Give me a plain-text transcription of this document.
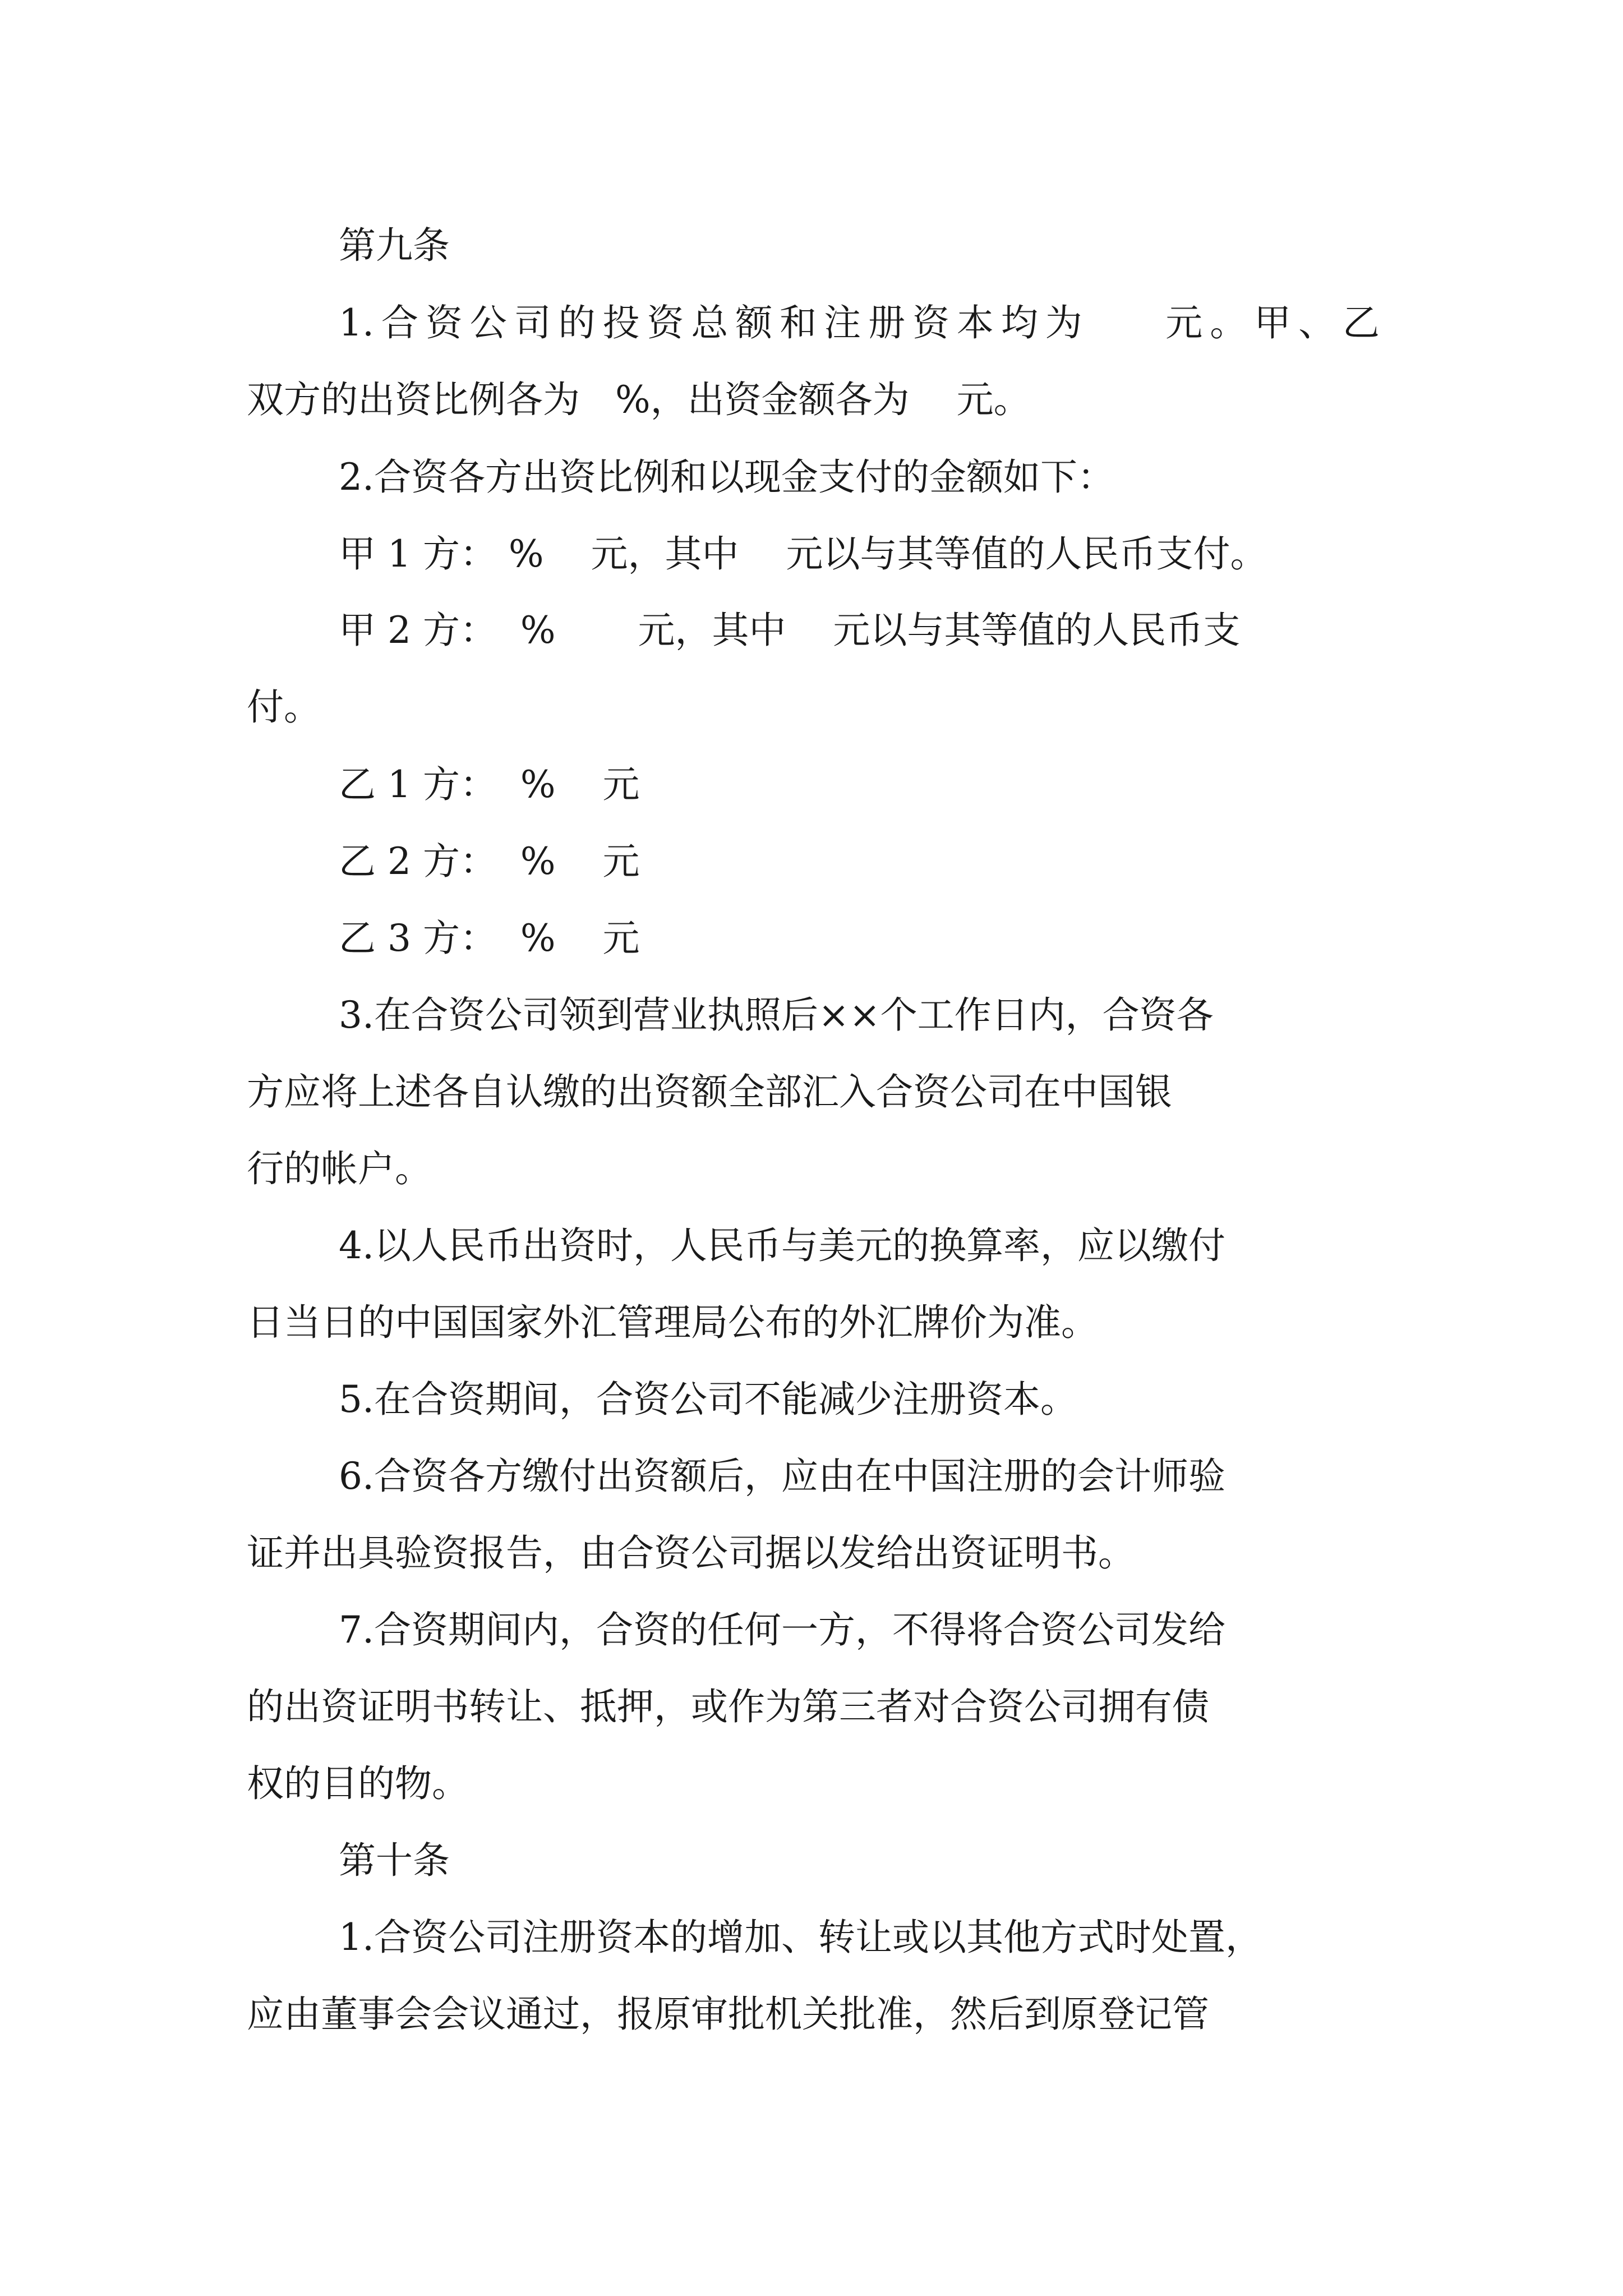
第九条
1.合资公司的投资总额和注册资本均为    元。甲、乙
双方的出资比例各为   %，出资金额各为    元。
2.合资各方出资比例和以现金支付的金额如下：
甲 1 方： %    元，其中    元以与其等值的人民币支付。
甲 2 方：  %       元，其中    元以与其等值的人民币支
付。
乙 1 方：  %    元
乙 2 方：  %    元
乙 3 方：  %    元
3.在合资公司领到营业执照后××个工作日内，合资各
方应将上述各自认缴的出资额全部汇入合资公司在中国银
行的帐户。
4.以人民币出资时，人民币与美元的换算率，应以缴付
日当日的中国国家外汇管理局公布的外汇牌价为准。
5.在合资期间，合资公司不能减少注册资本。
6.合资各方缴付出资额后，应由在中国注册的会计师验
证并出具验资报告，由合资公司据以发给出资证明书。
7.合资期间内，合资的任何一方，不得将合资公司发给
的出资证明书转让、抵押，或作为第三者对合资公司拥有债
权的目的物。
第十条
1.合资公司注册资本的增加、转让或以其他方式时处置，
应由董事会会议通过，报原审批机关批准，然后到原登记管
